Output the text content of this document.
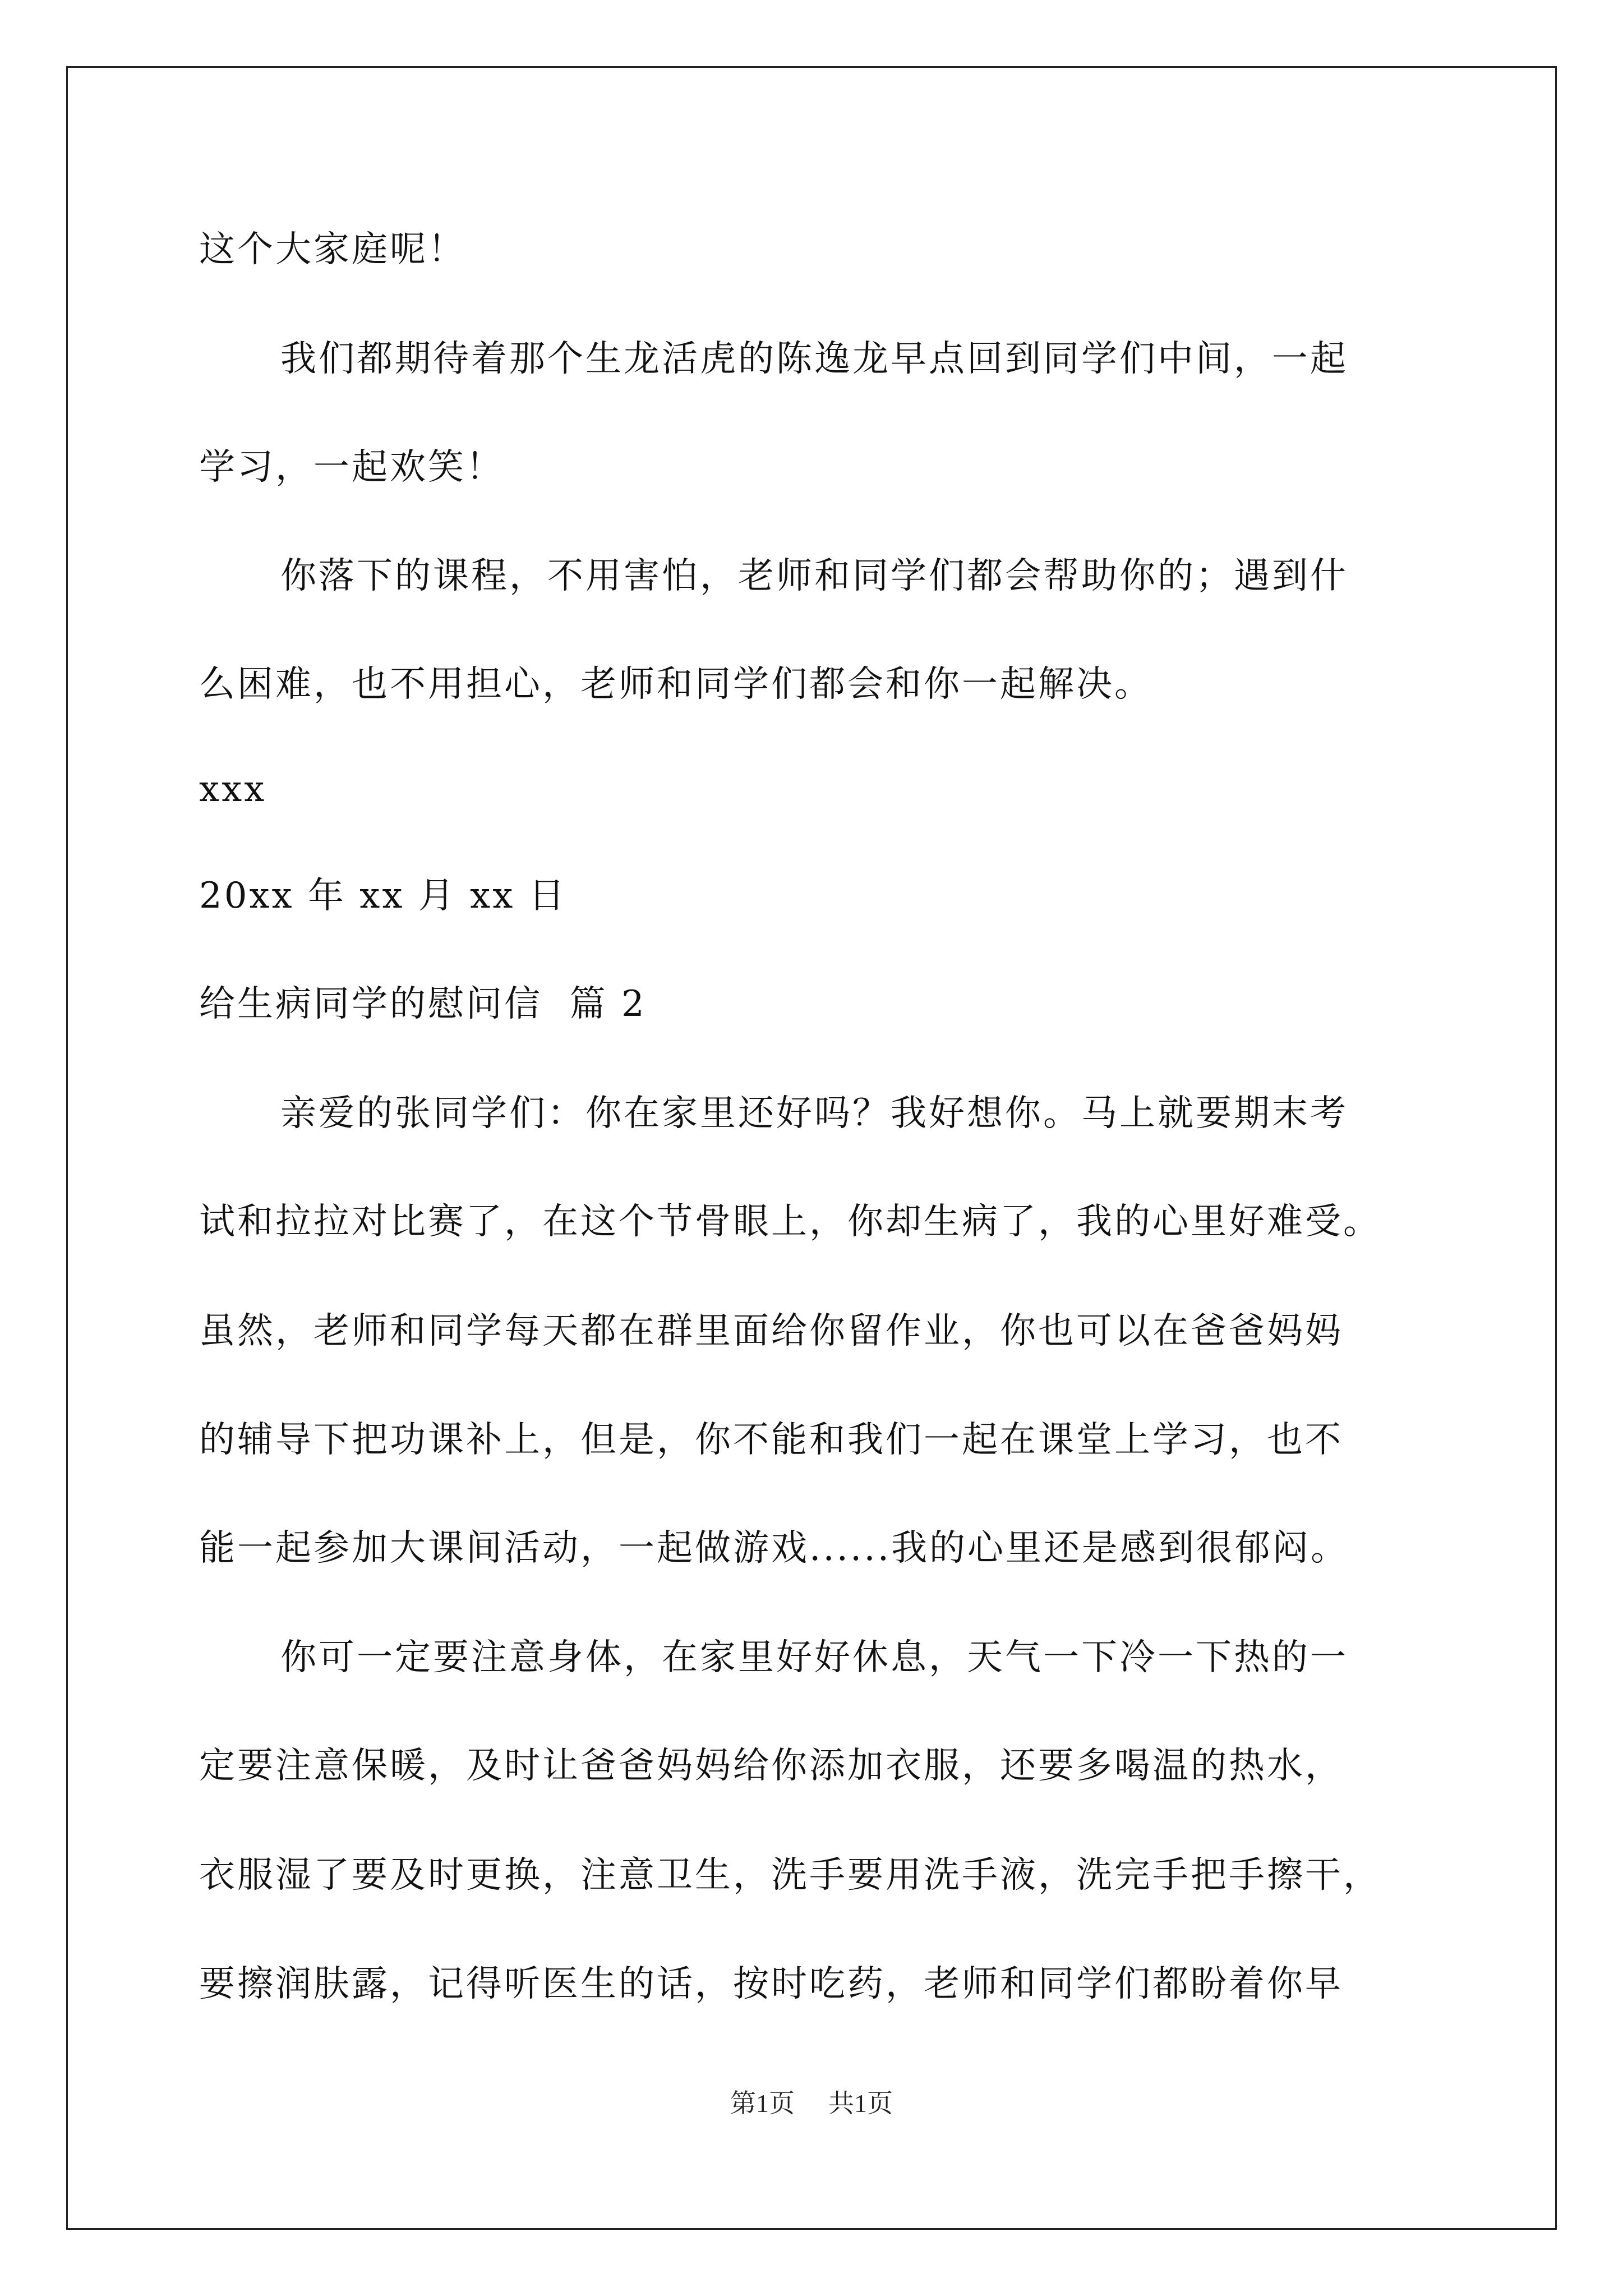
这个大家庭呢！

我们都期待着那个生龙活虎的陈逸龙早点回到同学们中间，一起

学习，一起欢笑！

你落下的课程，不用害怕，老师和同学们都会帮助你的；遇到什

么困难，也不用担心，老师和同学们都会和你一起解决。

xxx

20xx 年 xx 月 xx 日

给生病同学的慰问信  篇 2

亲爱的张同学们：你在家里还好吗？我好想你。马上就要期末考

试和拉拉对比赛了，在这个节骨眼上，你却生病了，我的心里好难受。

虽然，老师和同学每天都在群里面给你留作业，你也可以在爸爸妈妈

的辅导下把功课补上，但是，你不能和我们一起在课堂上学习，也不

能一起参加大课间活动，一起做游戏......我的心里还是感到很郁闷。

你可一定要注意身体，在家里好好休息，天气一下冷一下热的一

定要注意保暖，及时让爸爸妈妈给你添加衣服，还要多喝温的热水，

衣服湿了要及时更换，注意卫生，洗手要用洗手液，洗完手把手擦干，

要擦润肤露，记得听医生的话，按时吃药，老师和同学们都盼着你早

第1页 共1页
